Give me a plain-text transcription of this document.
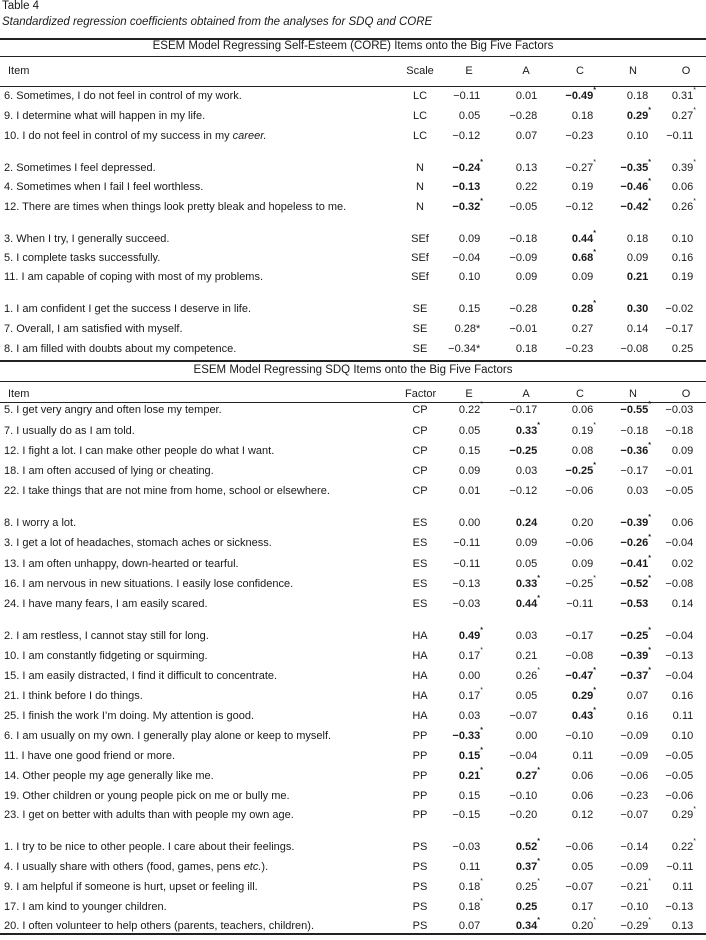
Table 4
Standardized regression coefficients obtained from the analyses for SDQ and CORE
ESEM Model Regressing Self-Esteem (CORE) Items onto the Big Five Factors
Item	Scale	E	A	C	N	O
6. Sometimes, I do not feel in control of my work.	LC	−0.11	0.01	−0.49*	0.18	0.31*
9. I determine what will happen in my life.	LC	0.05	−0.28	0.18	0.29*	0.27*
10. I do not feel in control of my success in my career.	LC	−0.12	0.07	−0.23	0.10	−0.11
2. Sometimes I feel depressed.	N	−0.24*	0.13	−0.27*	−0.35*	0.39*
4. Sometimes when I fail I feel worthless.	N	−0.13	0.22	0.19	−0.46*	0.06
12. There are times when things look pretty bleak and hopeless to me.	N	−0.32*	−0.05	−0.12	−0.42*	0.26*
3. When I try, I generally succeed.	SEf	0.09	−0.18	0.44*	0.18	0.10
5. I complete tasks successfully.	SEf	−0.04	−0.09	0.68*	0.09	0.16
11. I am capable of coping with most of my problems.	SEf	0.10	0.09	0.09	0.21	0.19
1. I am confident I get the success I deserve in life.	SE	0.15	−0.28	0.28*	0.30	−0.02
7. Overall, I am satisfied with myself.	SE	0.28*	−0.01	0.27	0.14	−0.17
8. I am filled with doubts about my competence.	SE	−0.34*	0.18	−0.23	−0.08	0.25
ESEM Model Regressing SDQ Items onto the Big Five Factors
Item	Factor	E	A	C	N	O
5. I get very angry and often lose my temper.	CP	0.22*	−0.17	0.06	−0.55*	−0.03
7. I usually do as I am told.	CP	0.05	0.33*	0.19*	−0.18	−0.18
12. I fight a lot. I can make other people do what I want.	CP	0.15	−0.25	0.08	−0.36*	0.09
18. I am often accused of lying or cheating.	CP	0.09	0.03	−0.25*	−0.17	−0.01
22. I take things that are not mine from home, school or elsewhere.	CP	0.01	−0.12	−0.06	0.03	−0.05
8. I worry a lot.	ES	0.00	0.24	0.20	−0.39*	0.06
3. I get a lot of headaches, stomach aches or sickness.	ES	−0.11	0.09	−0.06	−0.26*	−0.04
13. I am often unhappy, down-hearted or tearful.	ES	−0.11	0.05	0.09	−0.41*	0.02
16. I am nervous in new situations. I easily lose confidence.	ES	−0.13	0.33*	−0.25*	−0.52*	−0.08
24. I have many fears, I am easily scared.	ES	−0.03	0.44*	−0.11	−0.53	0.14
2. I am restless, I cannot stay still for long.	HA	0.49*	0.03	−0.17	−0.25*	−0.04
10. I am constantly fidgeting or squirming.	HA	0.17*	0.21	−0.08	−0.39*	−0.13
15. I am easily distracted, I find it difficult to concentrate.	HA	0.00	0.26*	−0.47*	−0.37*	−0.04
21. I think before I do things.	HA	0.17*	0.05	0.29*	0.07	0.16
25. I finish the work I’m doing. My attention is good.	HA	0.03	−0.07	0.43*	0.16	0.11
6. I am usually on my own. I generally play alone or keep to myself.	PP	−0.33*	0.00	−0.10	−0.09	0.10
11. I have one good friend or more.	PP	0.15*	−0.04	0.11	−0.09	−0.05
14. Other people my age generally like me.	PP	0.21*	0.27*	0.06	−0.06	−0.05
19. Other children or young people pick on me or bully me.	PP	0.15	−0.10	0.06	−0.23	−0.06
23. I get on better with adults than with people my own age.	PP	−0.15	−0.20	0.12	−0.07	0.29*
1. I try to be nice to other people. I care about their feelings.	PS	−0.03	0.52*	−0.06	−0.14	0.22*
4. I usually share with others (food, games, pens etc.).	PS	0.11	0.37*	0.05	−0.09	−0.11
9. I am helpful if someone is hurt, upset or feeling ill.	PS	0.18*	0.25*	−0.07	−0.21*	0.11
17. I am kind to younger children.	PS	0.18*	0.25	0.17	−0.10	−0.13
20. I often volunteer to help others (parents, teachers, children).	PS	0.07	0.34*	0.20*	−0.29*	0.13
